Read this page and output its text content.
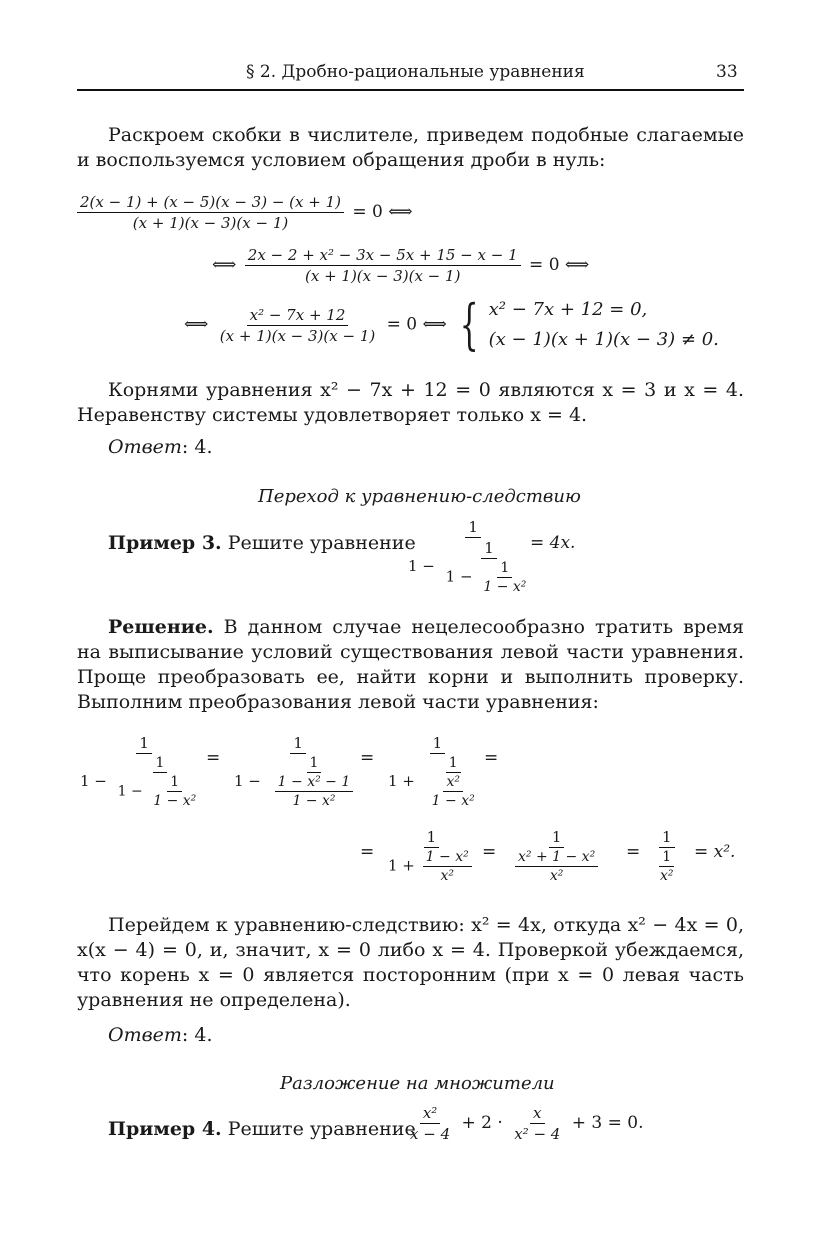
§ 2. Дробно-рациональные уравнения	33
Раскроем скобки в числителе, приведем подобные слагаемые и воспользуемся условием обращения дроби в нуль:
$\frac{2(x - 1) + (x - 5)(x - 3) - (x + 1)}{(x + 1)(x - 3)(x - 1)} = 0$ ⟺
⟺ $\frac{\text{2x − 2 + x² − 3x − 5x + 15 − x − 1}}{(x + 1)(x - 3)(x - 1)} = 0$ ⟺
⟺ $\frac{\text{x² − 7x + 12}}{(x + 1)(x - 3)(x - 1)} = 0$ ⟺ { x² − 7x + 12 = 0,
(x − 1)(x + 1)(x − 3) ≠ 0.
Корнями уравнения x² − 7x + 12 = 0 являются x = 3 и x = 4. Неравенству системы удовлетворяет только x = 4.
Ответ: 4.
Переход к уравнению-следствию
Пример 3. Решите уравнение
1
$1 - \frac{1}{1 - \frac{1}{\text{1 − x²}}}$
= 4x.
Решение. В данном случае нецелесообразно тратить время на выписывание условий существования левой части уравнения. Проще преобразовать ее, найти корни и выполнить проверку. Выполним преобразования левой части уравнения:
$\frac{1}{1 - \frac{1}{1 - \frac{1}{\text{1 − x²}}}}$
= $\frac{1}{1 - \frac{1}{\frac{\text{1 − x² − 1}}{\text{1 − x²}}}}$
= $\frac{1}{1 + \frac{1}{\frac{\text{x²}}{\text{1 − x²}}}}$
=
= $\frac{1}{1 + \frac{\text{1 − x²}}{\text{x²}}} = \frac{1}{\frac{\text{x² + 1 − x²}}{\text{x²}}} = \frac{1}{\frac{1}{\text{x²}}} = x^2$.
Перейдем к уравнению-следствию: x² = 4x, откуда x² − 4x = 0, x(x − 4) = 0, и, значит, x = 0 либо x = 4. Проверкой убеждаемся, что корень x = 0 является посторонним (при x = 0 левая часть уравнения не определена).
Ответ: 4.
Разложение на множители
Пример 4. Решите уравнение
$\frac{\text{x²}}{x - 4} + 2 \cdot \frac{x}{\text{x² − 4}} + 3 = 0$.
